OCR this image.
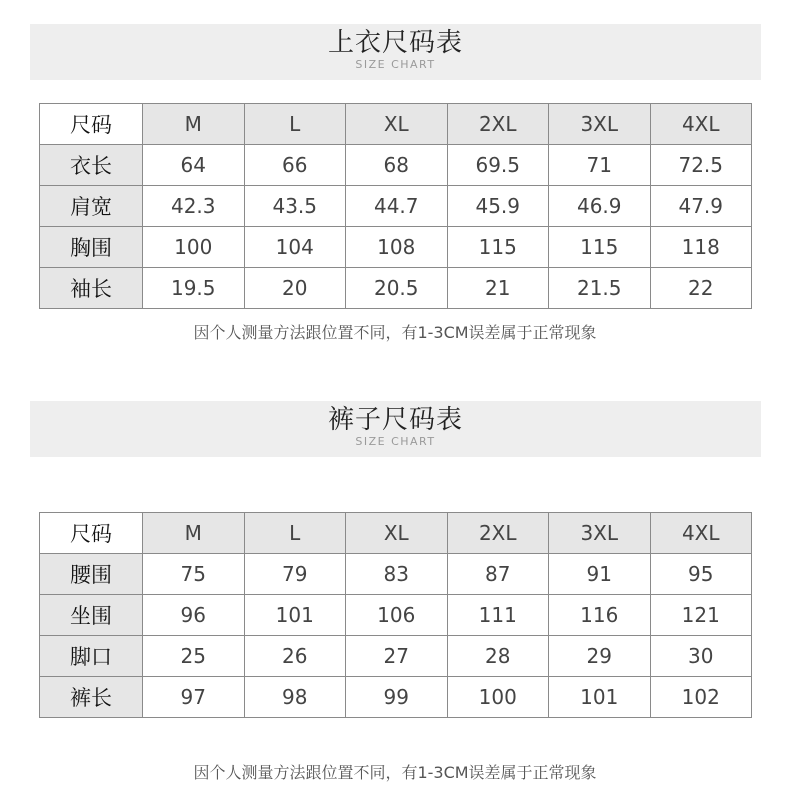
上衣尺码表
SIZE CHART
尺码	M	L	XL	2XL	3XL	4XL
衣长	64	66	68	69.5	71	72.5
肩宽	42.3	43.5	44.7	45.9	46.9	47.9
胸围	100	104	108	115	115	118
袖长	19.5	20	20.5	21	21.5	22
因个人测量方法跟位置不同，有1-3CM误差属于正常现象
裤子尺码表
SIZE CHART
尺码	M	L	XL	2XL	3XL	4XL
腰围	75	79	83	87	91	95
坐围	96	101	106	111	116	121
脚口	25	26	27	28	29	30
裤长	97	98	99	100	101	102
因个人测量方法跟位置不同，有1-3CM误差属于正常现象
